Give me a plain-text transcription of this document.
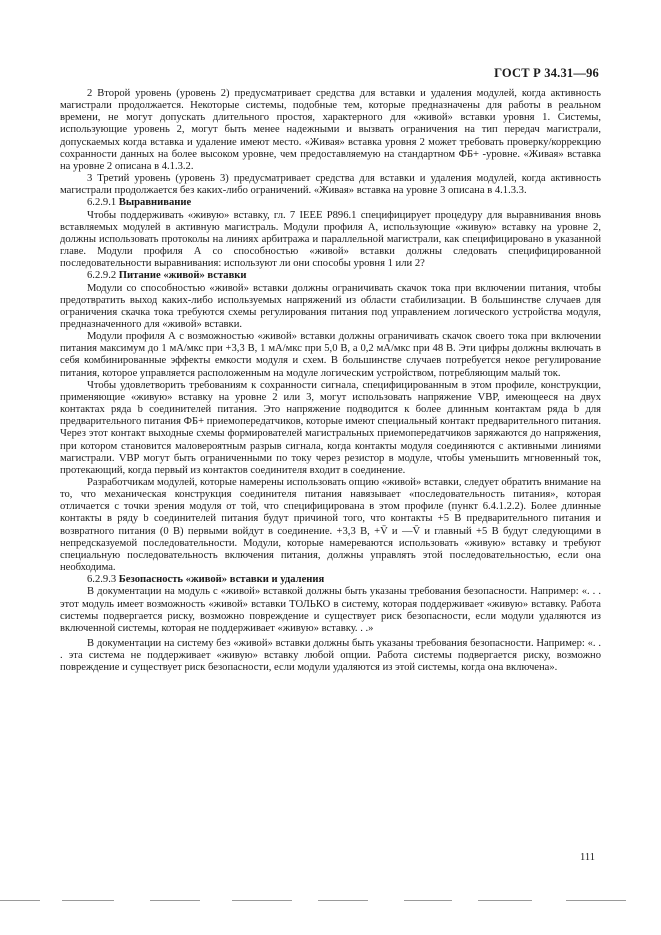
ГОСТ Р 34.31—96

2 Второй уровень (уровень 2) предусматривает средства для вставки и удаления модулей, когда активность магистрали продолжается. Некоторые системы, подобные тем, которые предназначены для работы в реальном времени, не могут допускать длительного простоя, характерного для «живой» вставки уровня 1. Системы, использующие уровень 2, могут быть менее надежными и вызвать ограничения на тип передач магистрали, допускаемых когда вставка и удаление имеют место. «Живая» вставка уровня 2 может требовать проверку/коррекцию сохранности данных на более высоком уровне, чем предоставляемую на стандартном ФБ+ -уровне. «Живая» вставка на уровне 2 описана в 4.1.3.2.

3 Третий уровень (уровень 3) предусматривает средства для вставки и удаления модулей, когда активность магистрали продолжается без каких-либо ограничений. «Живая» вставка на уровне 3 описана в 4.1.3.3.

6.2.9.1 Выравнивание

Чтобы поддерживать «живую» вставку, гл. 7 IEEE P896.1 специфицирует процедуру для выравнивания вновь вставляемых модулей в активную магистраль. Модули профиля А, использующие «живую» вставку на уровне 2, должны использовать протоколы на линиях арбитража и параллельной магистрали, как специфицировано в указанной главе. Модули профиля А со способностью «живой» вставки должны следовать специфицированной последовательности выравнивания: используют ли они способы уровня 1 или 2?

6.2.9.2 Питание «живой» вставки

Модули со способностью «живой» вставки должны ограничивать скачок тока при включении питания, чтобы предотвратить выход каких-либо используемых напряжений из области стабилизации. В большинстве случаев для ограничения скачка тока требуются схемы регулирования питания под управлением логического устройства модуля, предназначенного для «живой» вставки.

Модули профиля А с возможностью «живой» вставки должны ограничивать скачок своего тока при включении питания максимум до 1 мА/мкс при +3,3 В, 1 мА/мкс при 5,0 В, а 0,2 мА/мкс при 48 В. Эти цифры должны включать в себя комбинированные эффекты емкости модуля и схем. В большинстве случаев потребуется некое регулирование питания, которое управляется расположенным на модуле логическим устройством, потребляющим малый ток.

Чтобы удовлетворить требованиям к сохранности сигнала, специфицированным в этом профиле, конструкции, применяющие «живую» вставку на уровне 2 или 3, могут использовать напряжение VBP, имеющееся на двух контактах ряда b соединителей питания. Это напряжение подводится к более длинным контактам ряда b для предварительного питания ФБ+ приемопередатчиков, которые имеют специальный контакт предварительного питания. Через этот контакт выходные схемы формирователей магистральных приемопередатчиков заряжаются до напряжения, при котором становится маловероятным разрыв сигнала, когда контакты модуля соединяются с активными линиями магистрали. VBP могут быть ограниченными по току через резистор в модуле, чтобы уменьшить мгновенный ток, протекающий, когда первый из контактов соединителя входит в соединение.

Разработчикам модулей, которые намерены использовать опцию «живой» вставки, следует обратить внимание на то, что механическая конструкция соединителя питания навязывает «последовательность питания», которая отличается с точки зрения модуля от той, что специфицирована в этом профиле (пункт 6.4.1.2.2). Более длинные контакты в ряду b соединителей питания будут причиной того, что контакты +5 В предварительного питания и возвратного питания (0 В) первыми войдут в соединение. +3,3 В, +V̄ и —V̄ и главный +5 В будут следующими в непредсказуемой последовательности. Модули, которые намереваются использовать «живую» вставку и требуют специальную последовательность включения питания, должны управлять этой последовательностью, если она необходима.

6.2.9.3 Безопасность «живой» вставки и удаления

В документации на модуль с «живой» вставкой должны быть указаны требования безопасности. Например: «. . . этот модуль имеет возможность «живой» вставки ТОЛЬКО в систему, которая поддерживает «живую» вставку. Работа системы подвергается риску, возможно повреждение и существует риск безопасности, если модули удаляются из включенной системы, которая не поддерживает «живую» вставку. . .»

В документации на систему без «живой» вставки должны быть указаны требования безопасности. Например: «. . . эта система не поддерживает «живую» вставку любой опции. Работа системы подвергается риску, возможно повреждение и существует риск безопасности, если модули удаляются из этой системы, когда она включена».

111
